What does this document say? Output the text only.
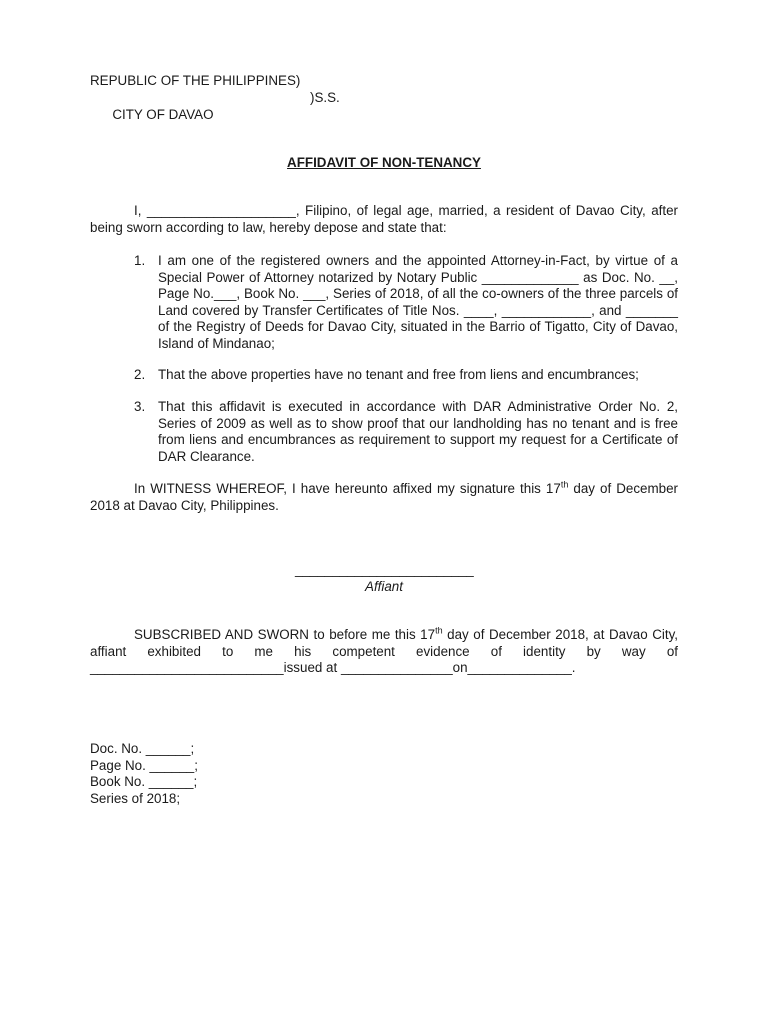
REPUBLIC OF THE PHILIPPINES)

CITY OF DAVAO

)S.S.

AFFIDAVIT OF NON-TENANCY
I, ____________________, Filipino, of legal age, married, a resident of Davao City, after being sworn according to law, hereby depose and state that:
1. I am one of the registered owners and the appointed Attorney-in-Fact, by virtue of a Special Power of Attorney notarized by Notary Public _____________ as Doc. No. __, Page No.___, Book No. ___, Series of 2018, of all the co-owners of the three parcels of Land covered by Transfer Certificates of Title Nos. ____, ____________, and _______ of the Registry of Deeds for Davao City, situated in the Barrio of Tigatto, City of Davao, Island of Mindanao;
2. That the above properties have no tenant and free from liens and encumbrances;
3. That this affidavit is executed in accordance with DAR Administrative Order No. 2, Series of 2009 as well as to show proof that our landholding has no tenant and is free from liens and encumbrances as requirement to support my request for a Certificate of DAR Clearance.
In WITNESS WHEREOF, I have hereunto affixed my signature this 17th day of December 2018 at Davao City, Philippines.
________________________
Affiant
SUBSCRIBED AND SWORN to before me this 17th day of December 2018, at Davao City, affiant exhibited to me his competent evidence of identity by way of __________________________issued at _______________on______________.
Doc. No. ______;
Page No. ______;
Book No. ______;
Series of 2018;
